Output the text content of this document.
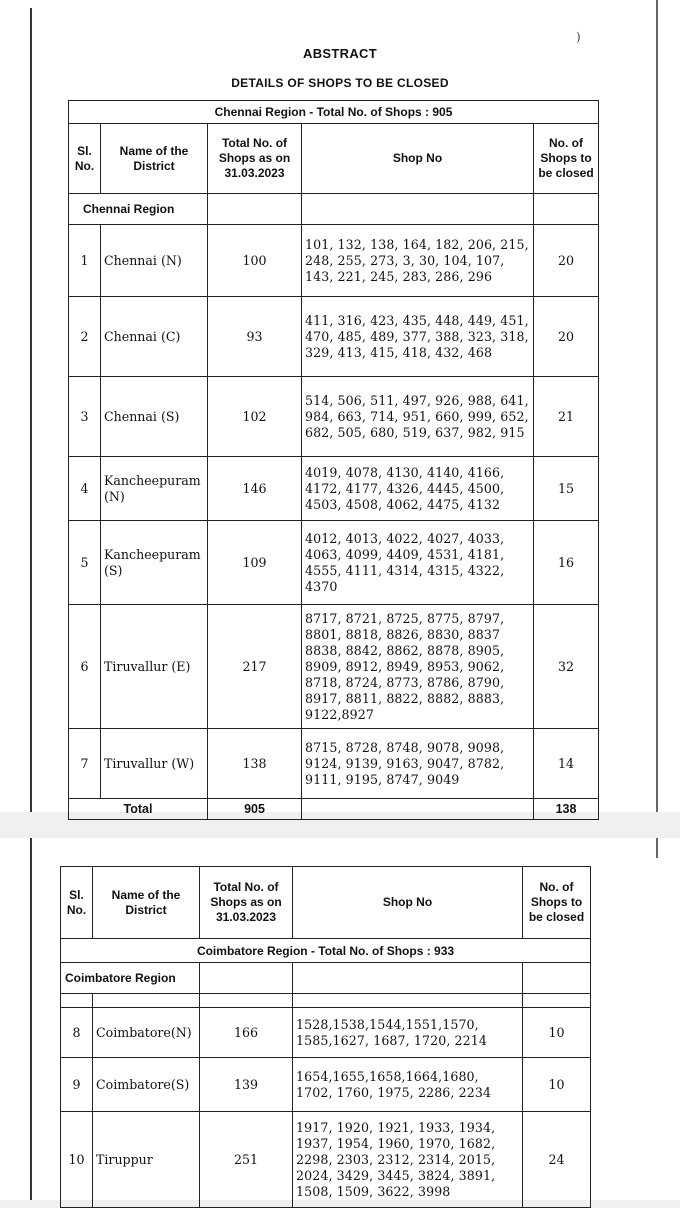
)
ABSTRACT
DETAILS OF SHOPS TO BE CLOSED
Chennai Region - Total No. of Shops : 905				
Sl. No.	Name of the District	Total No. of Shops as on 31.03.2023	Shop No	No. of Shops to be closed
Chennai Region				
1	Chennai (N)	100	101, 132, 138, 164, 182, 206, 215, 248, 255, 273, 3, 30, 104, 107, 143, 221, 245, 283, 286, 296	20
2	Chennai (C)	93	411, 316, 423, 435, 448, 449, 451, 470, 485, 489, 377, 388, 323, 318, 329, 413, 415, 418, 432, 468	20
3	Chennai (S)	102	514, 506, 511, 497, 926, 988, 641, 984, 663, 714, 951, 660, 999, 652, 682, 505, 680, 519, 637, 982, 915	21
4	Kancheepuram (N)	146	4019, 4078, 4130, 4140, 4166, 4172, 4177, 4326, 4445, 4500, 4503, 4508, 4062, 4475, 4132	15
5	Kancheepuram (S)	109	4012, 4013, 4022, 4027, 4033, 4063, 4099, 4409, 4531, 4181, 4555, 4111, 4314, 4315, 4322, 4370	16
6	Tiruvallur (E)	217	8717, 8721, 8725, 8775, 8797, 8801, 8818, 8826, 8830, 8837 8838, 8842, 8862, 8878, 8905, 8909, 8912, 8949, 8953, 9062, 8718, 8724, 8773, 8786, 8790, 8917, 8811, 8822, 8882, 8883, 9122,8927	32
7	Tiruvallur (W)	138	8715, 8728, 8748, 9078, 9098, 9124, 9139, 9163, 9047, 8782, 9111, 9195, 8747, 9049	14
Total		905		138
Sl. No.	Name of the District	Total No. of Shops as on 31.03.2023	Shop No	No. of Shops to be closed
Coimbatore Region - Total No. of Shops : 933				
Coimbatore Region				

8	Coimbatore(N)	166	1528,1538,1544,1551,1570, 1585,1627, 1687, 1720, 2214	10
9	Coimbatore(S)	139	1654,1655,1658,1664,1680, 1702, 1760, 1975, 2286, 2234	10
10	Tiruppur	251	1917, 1920, 1921, 1933, 1934, 1937, 1954, 1960, 1970, 1682, 2298, 2303, 2312, 2314, 2015, 2024, 3429, 3445, 3824, 3891, 1508, 1509, 3622, 3998	24
